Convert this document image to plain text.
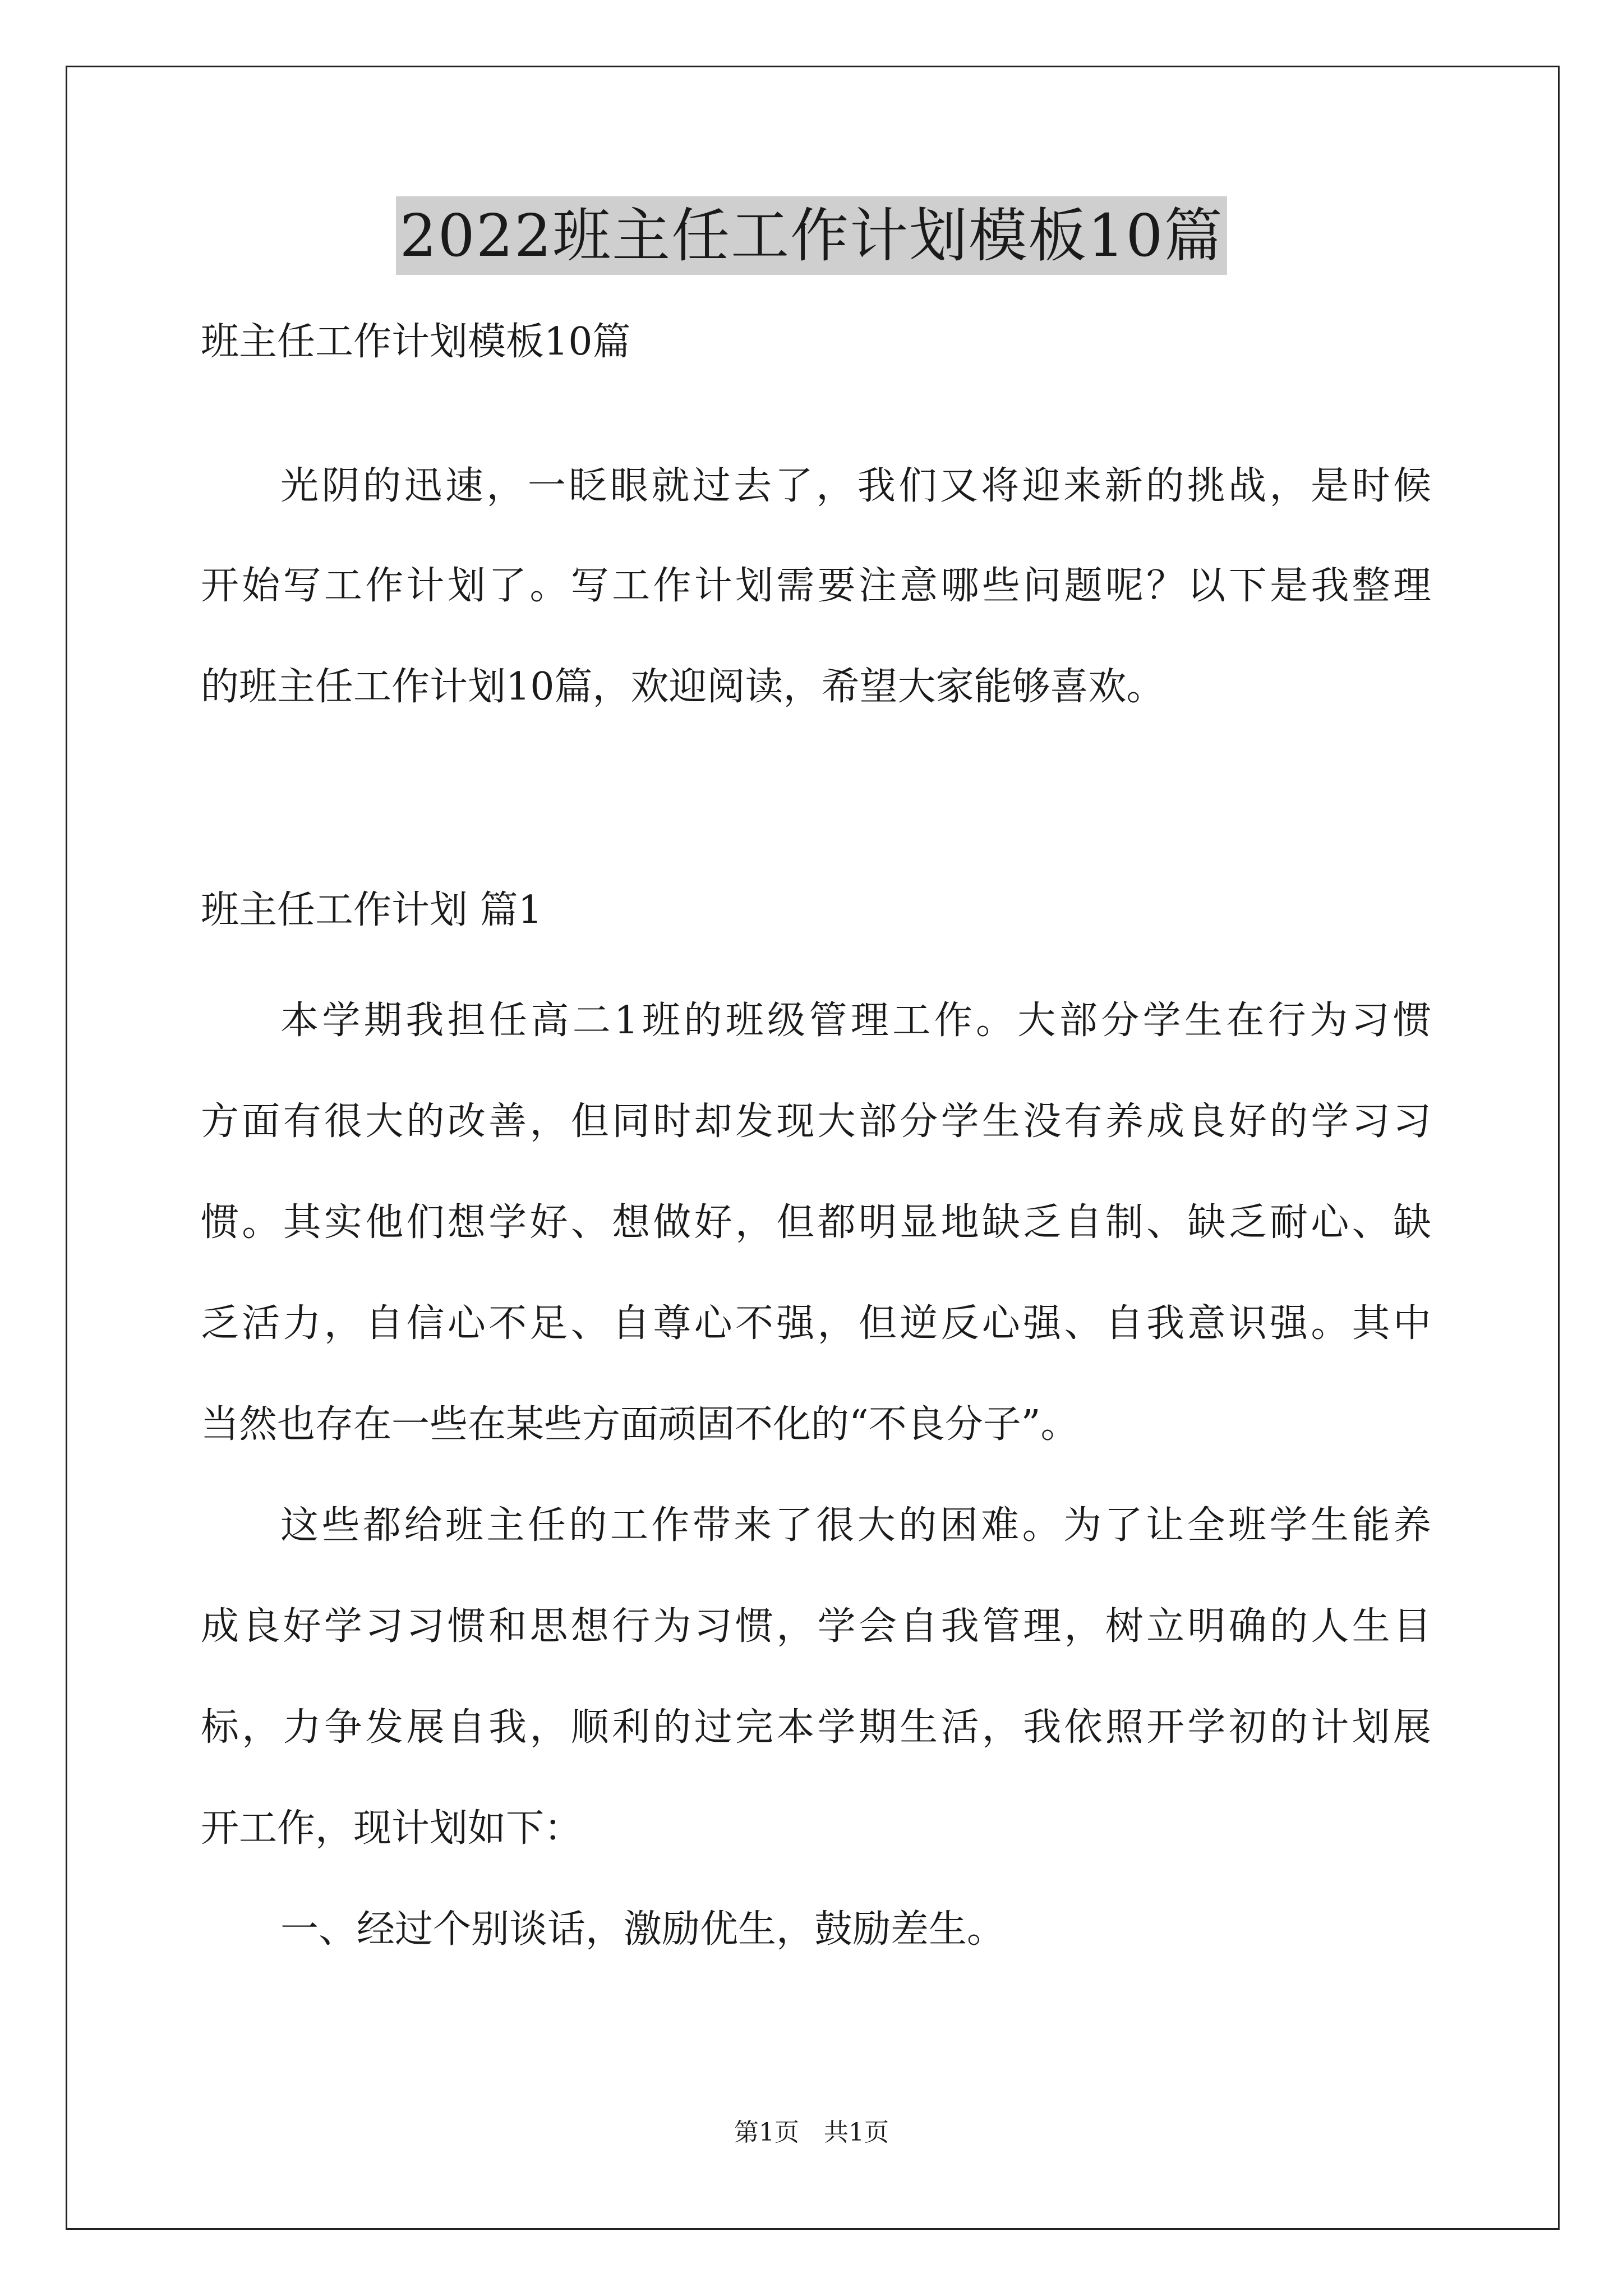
2022班主任工作计划模板10篇
班主任工作计划模板10篇
光阴的迅速，一眨眼就过去了，我们又将迎来新的挑战，是时候
开始写工作计划了。写工作计划需要注意哪些问题呢？以下是我整理
的班主任工作计划10篇，欢迎阅读，希望大家能够喜欢。
班主任工作计划 篇1
本学期我担任高二1班的班级管理工作。大部分学生在行为习惯
方面有很大的改善，但同时却发现大部分学生没有养成良好的学习习
惯。其实他们想学好、想做好，但都明显地缺乏自制、缺乏耐心、缺
乏活力，自信心不足、自尊心不强，但逆反心强、自我意识强。其中
当然也存在一些在某些方面顽固不化的“不良分子”。
这些都给班主任的工作带来了很大的困难。为了让全班学生能养
成良好学习习惯和思想行为习惯，学会自我管理，树立明确的人生目
标，力争发展自我，顺利的过完本学期生活，我依照开学初的计划展
开工作，现计划如下：
一、经过个别谈话，激励优生，鼓励差生。
第1页　共1页
